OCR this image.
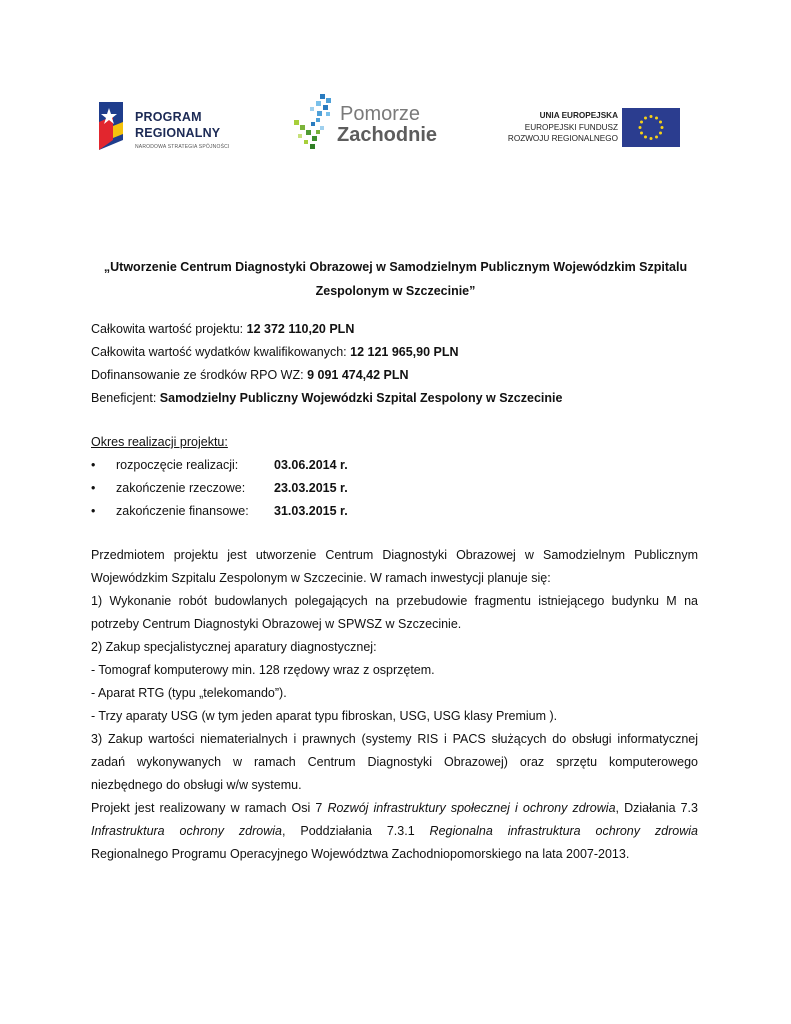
PROGRAM
REGIONALNY
NARODOWA STRATEGIA SPÓJNOŚCI
Pomorze
Zachodnie
UNIA EUROPEJSKA
EUROPEJSKI FUNDUSZ
ROZWOJU REGIONALNEGO
„Utworzenie Centrum Diagnostyki Obrazowej w Samodzielnym Publicznym Wojewódzkim Szpitalu
Zespolonym w Szczecinie”
Całkowita wartość projektu: 12 372 110,20 PLN
Całkowita wartość wydatków kwalifikowanych: 12 121 965,90 PLN
Dofinansowanie ze środków RPO WZ: 9 091 474,42 PLN
Beneficjent: Samodzielny Publiczny Wojewódzki Szpital Zespolony w Szczecinie
Okres realizacji projektu:
• rozpoczęcie realizacji:	03.06.2014 r.
• zakończenie rzeczowe: 23.03.2015 r.
• zakończenie finansowe: 31.03.2015 r.
Przedmiotem projektu jest utworzenie Centrum Diagnostyki Obrazowej w Samodzielnym Publicznym
Wojewódzkim Szpitalu Zespolonym w Szczecinie. W ramach inwestycji planuje się:
1) Wykonanie robót budowlanych polegających na przebudowie fragmentu istniejącego budynku M na
potrzeby Centrum Diagnostyki Obrazowej w SPWSZ w Szczecinie.
2) Zakup specjalistycznej aparatury diagnostycznej:
- Tomograf komputerowy min. 128 rzędowy wraz z osprzętem.
- Aparat RTG (typu „telekomando”).
- Trzy aparaty USG (w tym jeden aparat typu fibroskan, USG, USG klasy Premium ).
3) Zakup wartości niematerialnych i prawnych (systemy RIS i PACS służących do obsługi informatycznej
zadań wykonywanych w ramach Centrum Diagnostyki Obrazowej) oraz sprzętu komputerowego
niezbędnego do obsługi w/w systemu.
Projekt jest realizowany w ramach Osi 7 Rozwój infrastruktury społecznej i ochrony zdrowia, Działania 7.3
Infrastruktura ochrony zdrowia, Poddziałania 7.3.1 Regionalna infrastruktura ochrony zdrowia
Regionalnego Programu Operacyjnego Województwa Zachodniopomorskiego na lata 2007-2013.
